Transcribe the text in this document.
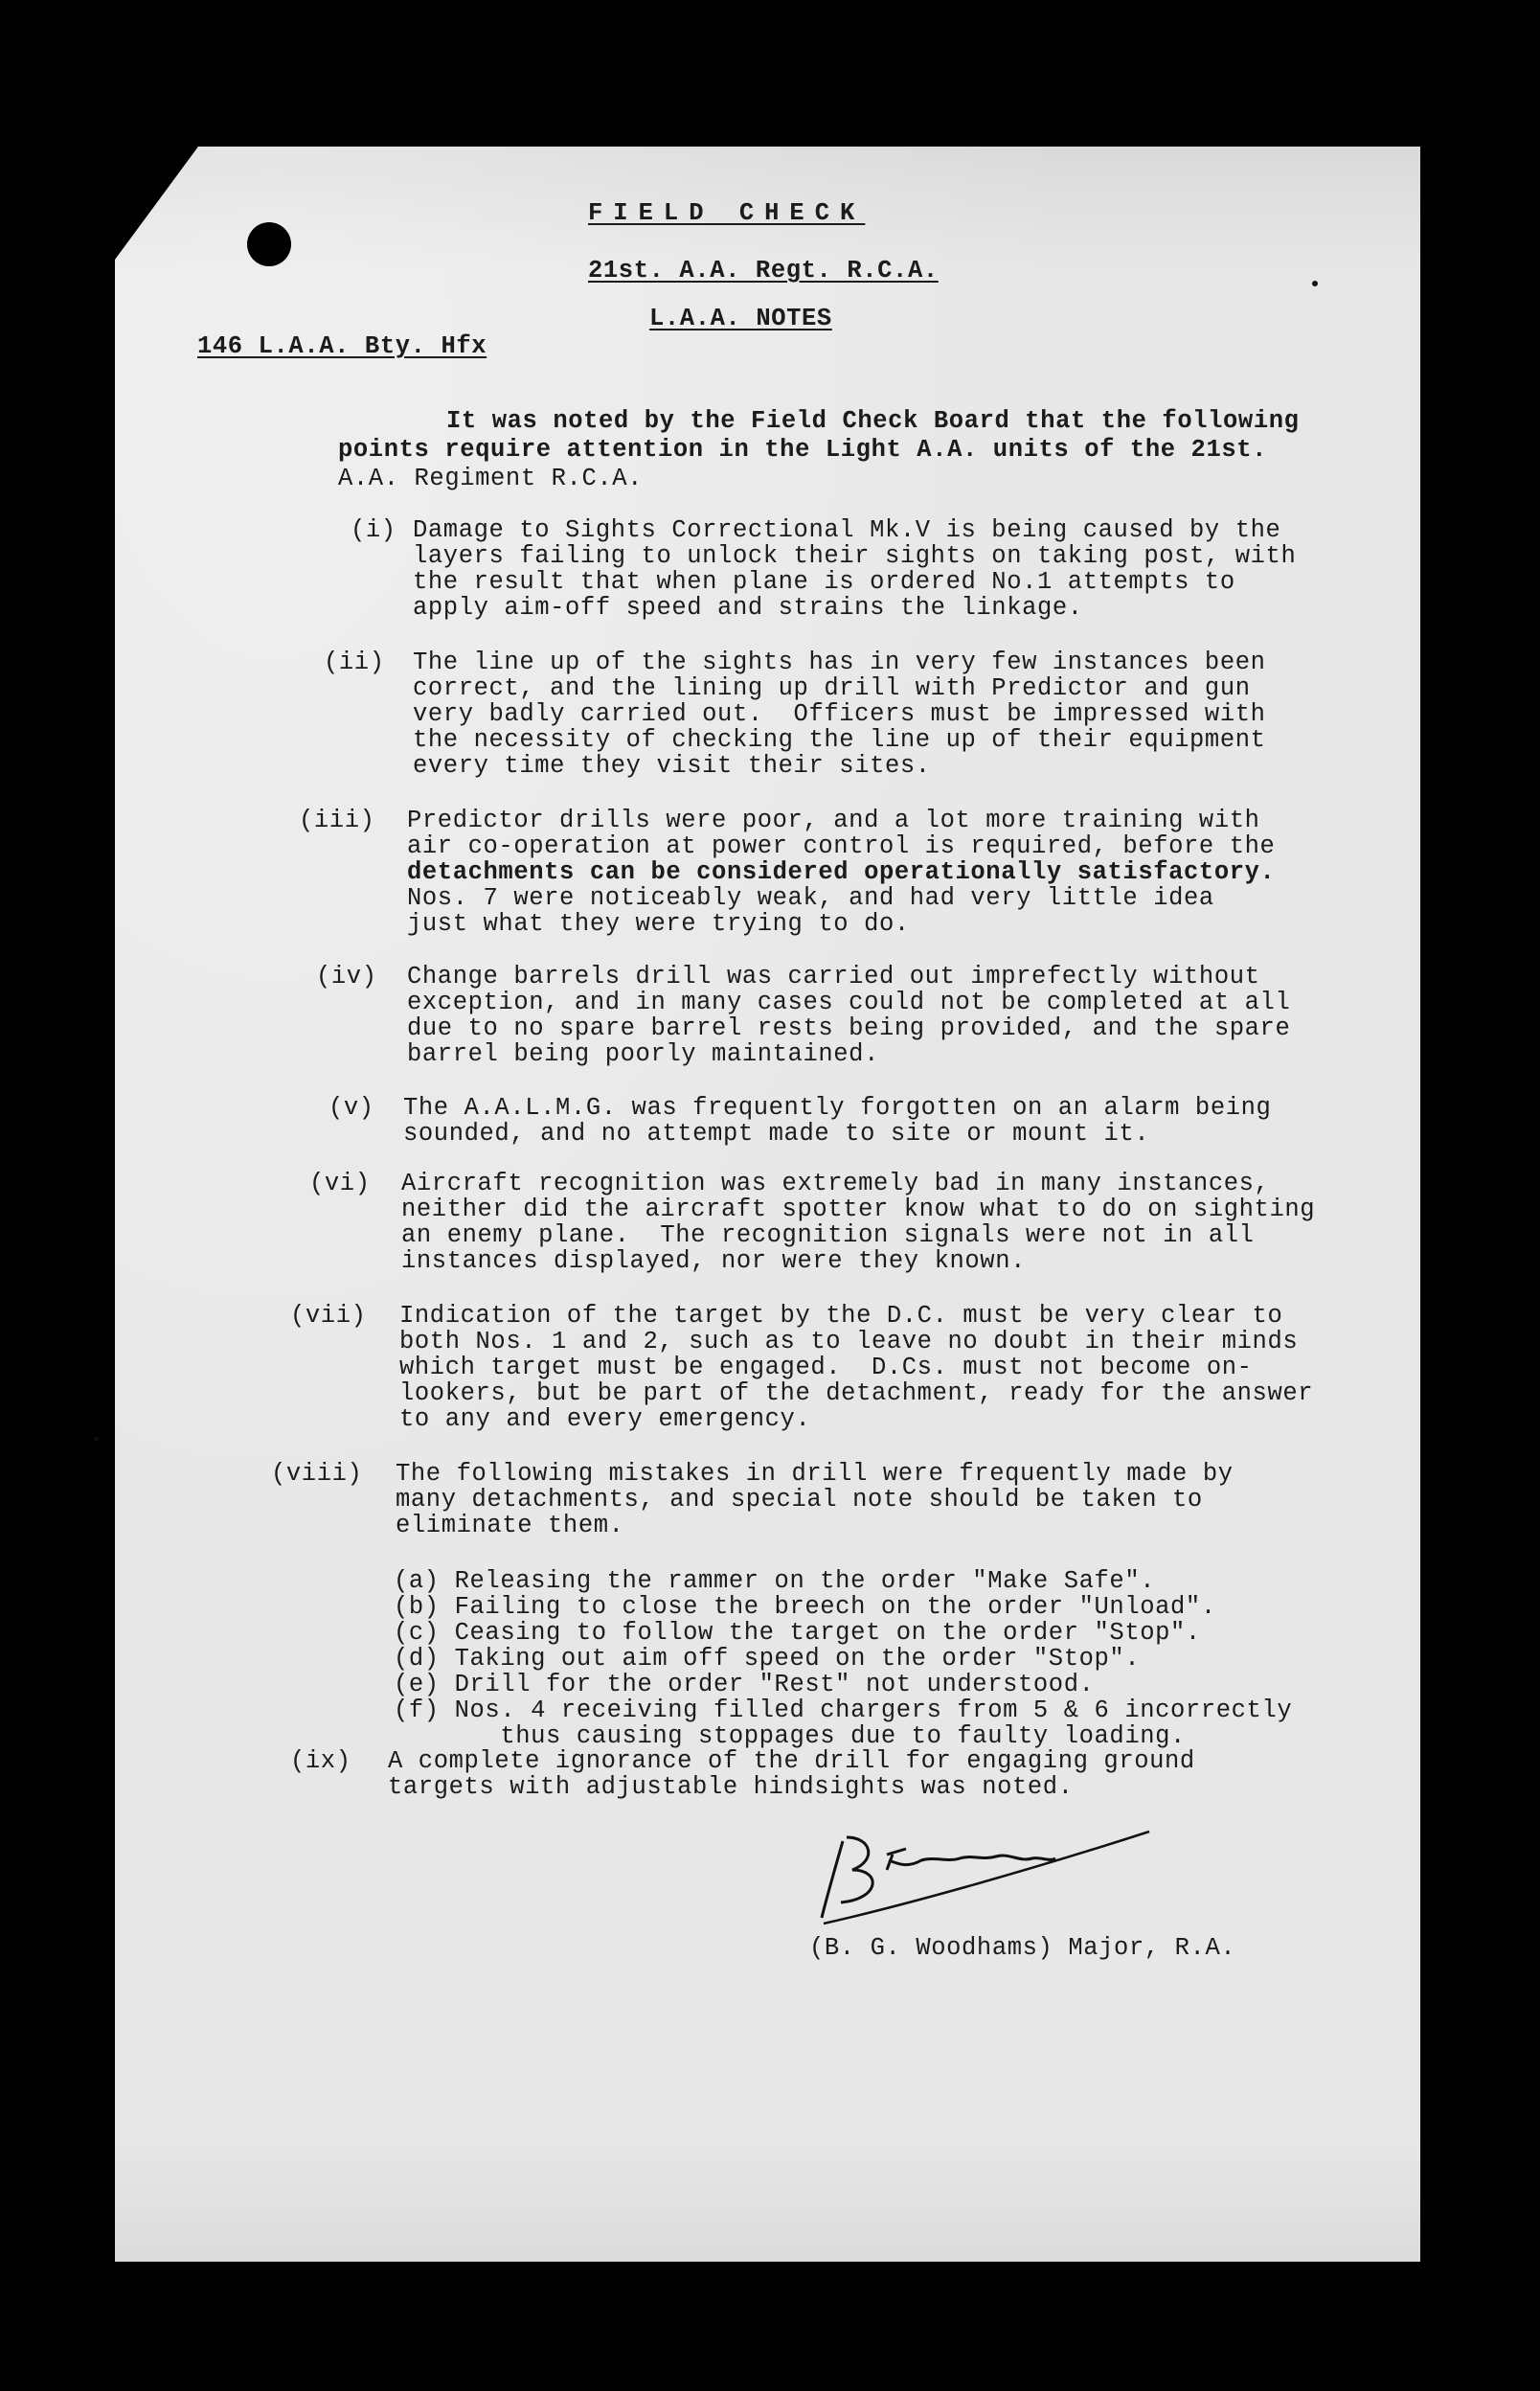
FIELD CHECK
21st. A.A. Regt. R.C.A.
L.A.A. NOTES
146 L.A.A. Bty. Hfx
It was noted by the Field Check Board that the following
points require attention in the Light A.A. units of the 21st.
A.A. Regiment R.C.A.
(i) Damage to Sights Correctional Mk.V is being caused by the
layers failing to unlock their sights on taking post, with
the result that when plane is ordered No.1 attempts to
apply aim-off speed and strains the linkage.
(ii) The line up of the sights has in very few instances been
correct, and the lining up drill with Predictor and gun
very badly carried out.  Officers must be impressed with
the necessity of checking the line up of their equipment
every time they visit their sites.
(iii) Predictor drills were poor, and a lot more training with
air co-operation at power control is required, before the
detachments can be considered operationally satisfactory.
Nos. 7 were noticeably weak, and had very little idea
just what they were trying to do.
(iv) Change barrels drill was carried out imprefectly without
exception, and in many cases could not be completed at all
due to no spare barrel rests being provided, and the spare
barrel being poorly maintained.
(v) The A.A.L.M.G. was frequently forgotten on an alarm being
sounded, and no attempt made to site or mount it.
(vi) Aircraft recognition was extremely bad in many instances,
neither did the aircraft spotter know what to do on sighting
an enemy plane.  The recognition signals were not in all
instances displayed, nor were they known.
(vii) Indication of the target by the D.C. must be very clear to
both Nos. 1 and 2, such as to leave no doubt in their minds
which target must be engaged.  D.Cs. must not become on-
lookers, but be part of the detachment, ready for the answer
to any and every emergency.
(viii) The following mistakes in drill were frequently made by
many detachments, and special note should be taken to
eliminate them.
(a) Releasing the rammer on the order "Make Safe".
(b) Failing to close the breech on the order "Unload".
(c) Ceasing to follow the target on the order "Stop".
(d) Taking out aim off speed on the order "Stop".
(e) Drill for the order "Rest" not understood.
(f) Nos. 4 receiving filled chargers from 5 & 6 incorrectly
thus causing stoppages due to faulty loading.
(ix) A complete ignorance of the drill for engaging ground
targets with adjustable hindsights was noted.
(B. G. Woodhams) Major, R.A.
